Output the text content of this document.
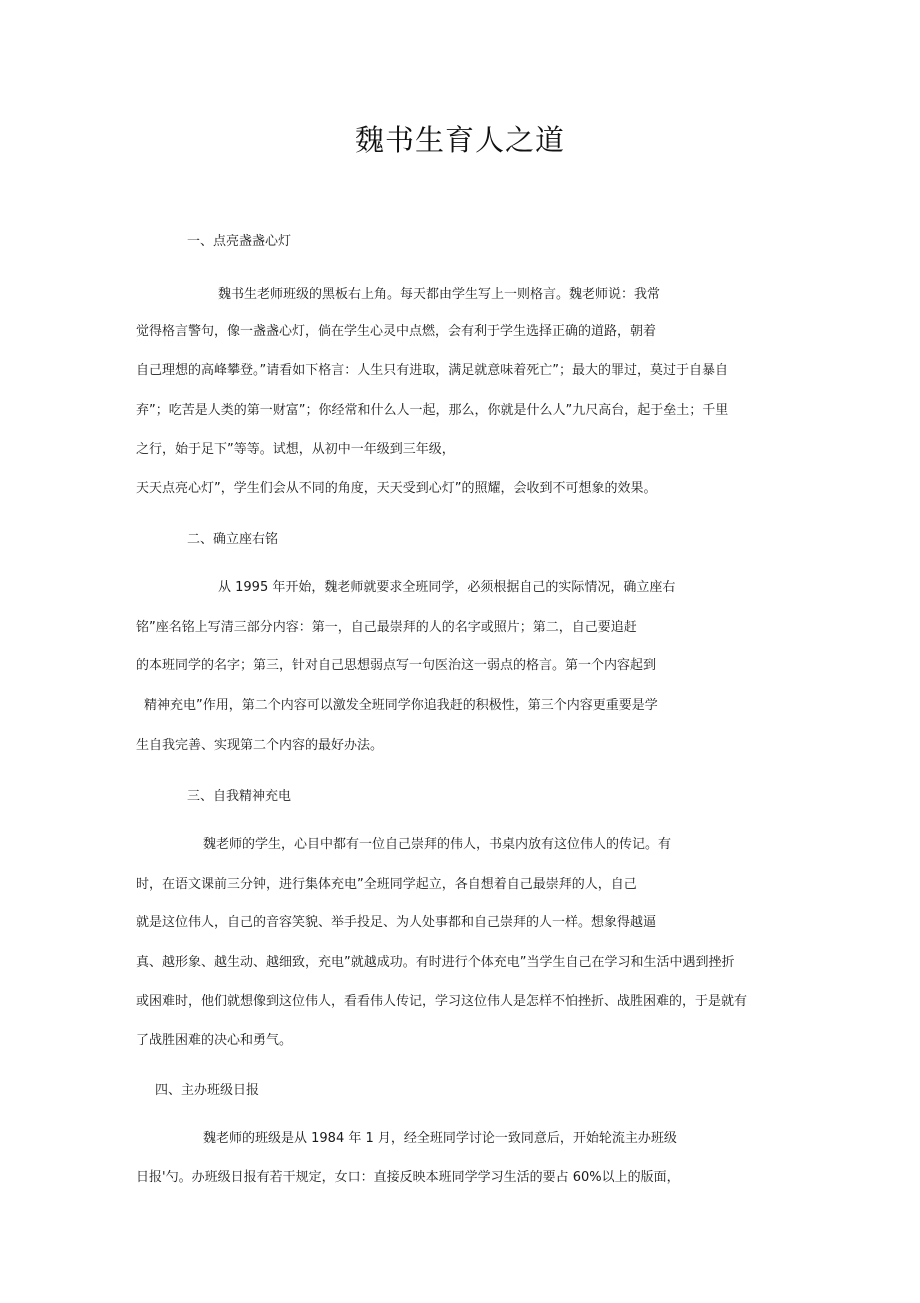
魏书生育人之道
一、点亮盏盏心灯
魏书生老师班级的黑板右上角。每天都由学生写上一则格言。魏老师说：我常
觉得格言警句，像一盏盏心灯，倘在学生心灵中点燃，会有利于学生选择正确的道路，朝着
自己理想的高峰攀登。”请看如下格言：人生只有进取，满足就意味着死亡”；最大的罪过，莫过于自暴自
弃”；吃苦是人类的第一财富”；你经常和什么人一起，那么，你就是什么人”九尺高台，起于垒土；千里
之行，始于足下”等等。试想，从初中一年级到三年级，
天天点亮心灯”，学生们会从不同的角度，天天受到心灯”的照耀，会收到不可想象的效果。
二、确立座右铭
从 1995 年开始，魏老师就要求全班同学，必须根据自己的实际情况，确立座右
铭”座名铭上写清三部分内容：第一，自己最崇拜的人的名字或照片；第二，自己要追赶
的本班同学的名字；第三，针对自己思想弱点写一句医治这一弱点的格言。第一个内容起到
精神充电”作用，第二个内容可以激发全班同学你追我赶的积极性，第三个内容更重要是学
生自我完善、实现第二个内容的最好办法。
三、自我精神充电
魏老师的学生，心目中都有一位自己崇拜的伟人，书桌内放有这位伟人的传记。有
时，在语文课前三分钟，进行集体充电”全班同学起立，各自想着自己最崇拜的人，自己
就是这位伟人，自己的音容笑貌、举手投足、为人处事都和自己崇拜的人一样。想象得越逼
真、越形象、越生动、越细致，充电”就越成功。有时进行个体充电”当学生自己在学习和生活中遇到挫折
或困难时，他们就想像到这位伟人，看看伟人传记，学习这位伟人是怎样不怕挫折、战胜困难的，于是就有
了战胜困难的决心和勇气。
四、主办班级日报
魏老师的班级是从 1984 年 1 月，经全班同学讨论一致同意后，开始轮流主办班级
日报'勺。办班级日报有若干规定，女口：直接反映本班同学学习生活的要占 60%以上的版面，
